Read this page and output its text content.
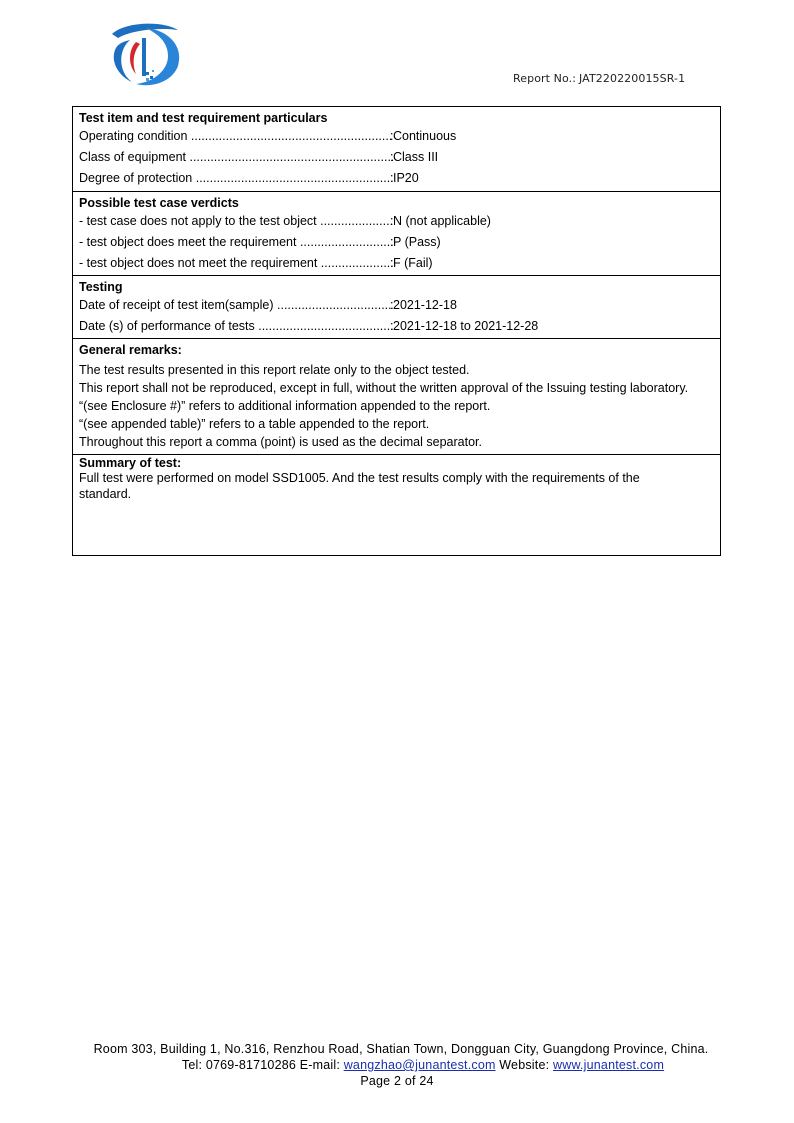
Report No.: JAT220220015SR-1
Test item and test requirement particulars
Operating condition .....	: Continuous
Class of equipment .....	: Class III
Degree of protection .....	: IP20
Possible test case verdicts
- test case does not apply to the test object .....	: N (not applicable)
- test object does meet the requirement .....	: P (Pass)
- test object does not meet the requirement .....	: F (Fail)
Testing
Date of receipt of test item(sample) .....	: 2021-12-18
Date (s) of performance of tests .....	: 2021-12-18 to 2021-12-28
General remarks:
The test results presented in this report relate only to the object tested.
This report shall not be reproduced, except in full, without the written approval of the Issuing testing laboratory.
“(see Enclosure #)” refers to additional information appended to the report.
“(see appended table)” refers to a table appended to the report.
Throughout this report a comma (point) is used as the decimal separator.
Summary of test:
Full test were performed on model SSD1005. And the test results comply with the requirements of the standard.
Room 303, Building 1, No.316, Renzhou Road, Shatian Town, Dongguan City, Guangdong Province, China.
Tel: 0769-81710286 E-mail: wangzhao@junantest.com Website: www.junantest.com
Page 2 of 24
